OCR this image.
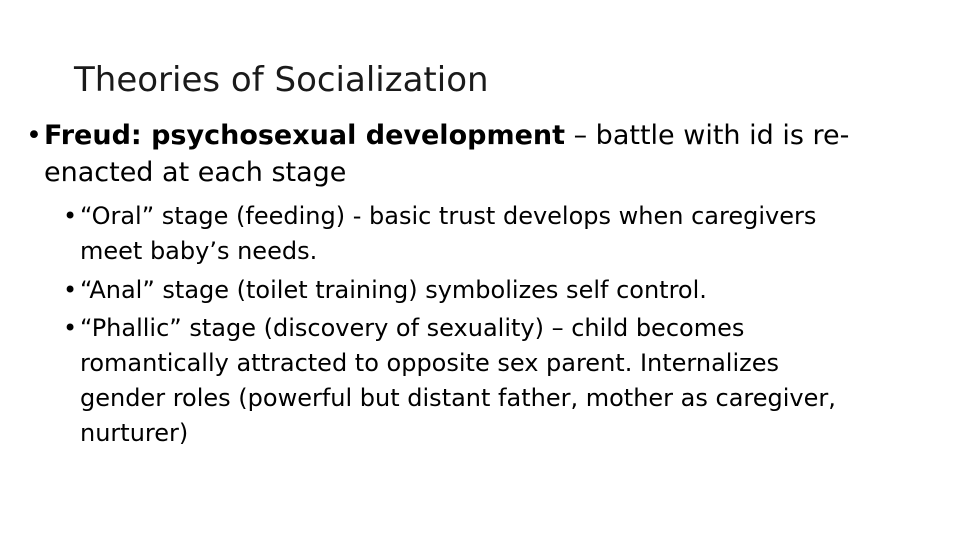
Theories of Socialization
• Freud: psychosexual development – battle with id is re-enacted at each stage
• “Oral” stage (feeding) - basic trust develops when caregivers meet baby’s needs.
• “Anal” stage (toilet training) symbolizes self control.
• “Phallic” stage (discovery of sexuality) – child becomes romantically attracted to opposite sex parent. Internalizes gender roles (powerful but distant father, mother as caregiver, nurturer)
